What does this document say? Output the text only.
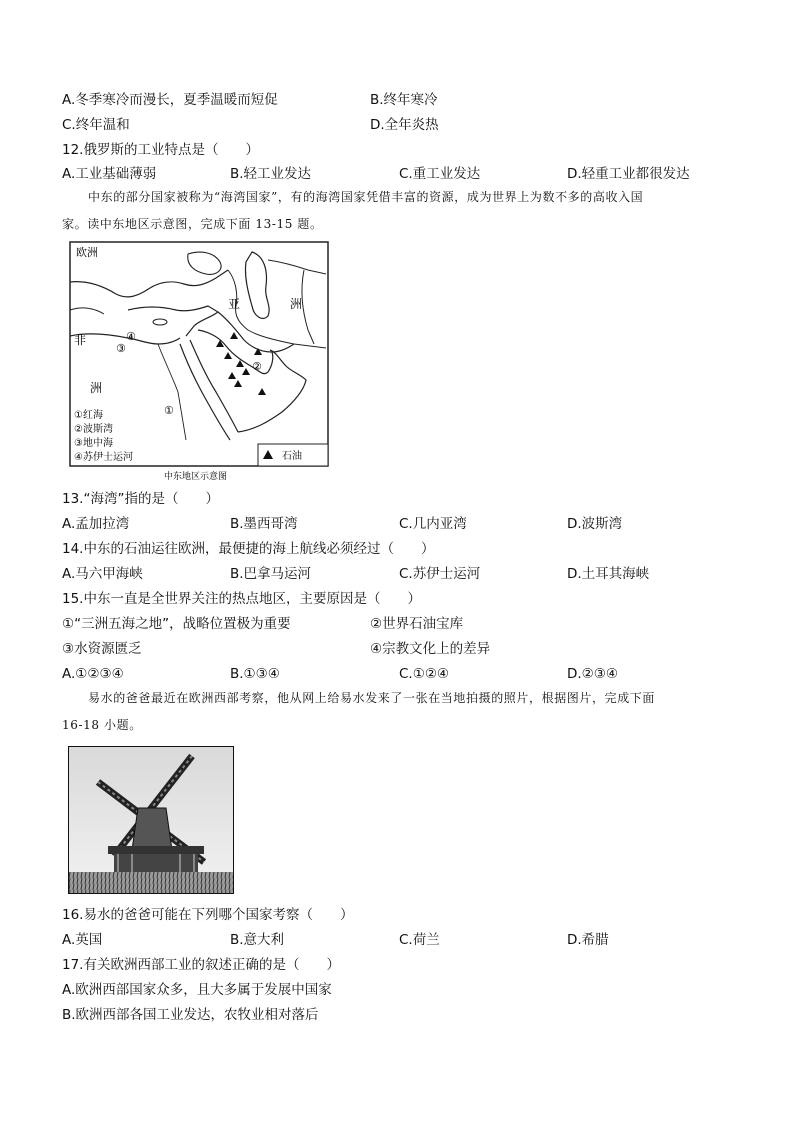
A.冬季寒冷而漫长，夏季温暖而短促	B.终年寒冷
C.终年温和	D.全年炎热
12.俄罗斯的工业特点是（　　）
A.工业基础薄弱	B.轻工业发达	C.重工业发达	D.轻重工业都很发达

中东的部分国家被称为“海湾国家”，有的海湾国家凭借丰富的资源，成为世界上为数不多的高收入国

家。读中东地区示意图，完成下面 13-15 题。

欧洲
亚	洲
非
洲
③
④
②
①
①红海
②波斯湾
③地中海
④苏伊士运河	石油
中东地区示意图
13.“海湾”指的是（　　）
A.孟加拉湾	B.墨西哥湾	C.几内亚湾	D.波斯湾
14.中东的石油运往欧洲，最便捷的海上航线必须经过（　　）
A.马六甲海峡	B.巴拿马运河	C.苏伊士运河	D.土耳其海峡
15.中东一直是全世界关注的热点地区，主要原因是（　　）
①“三洲五海之地”，战略位置极为重要	②世界石油宝库
③水资源匮乏	④宗教文化上的差异
A.①②③④	B.①③④	C.①②④	D.②③④

易水的爸爸最近在欧洲西部考察，他从网上给易水发来了一张在当地拍摄的照片，根据图片，完成下面

16-18 小题。

16.易水的爸爸可能在下列哪个国家考察（　　）
A.英国	B.意大利	C.荷兰	D.希腊
17.有关欧洲西部工业的叙述正确的是（　　）
A.欧洲西部国家众多，且大多属于发展中国家
B.欧洲西部各国工业发达，农牧业相对落后
